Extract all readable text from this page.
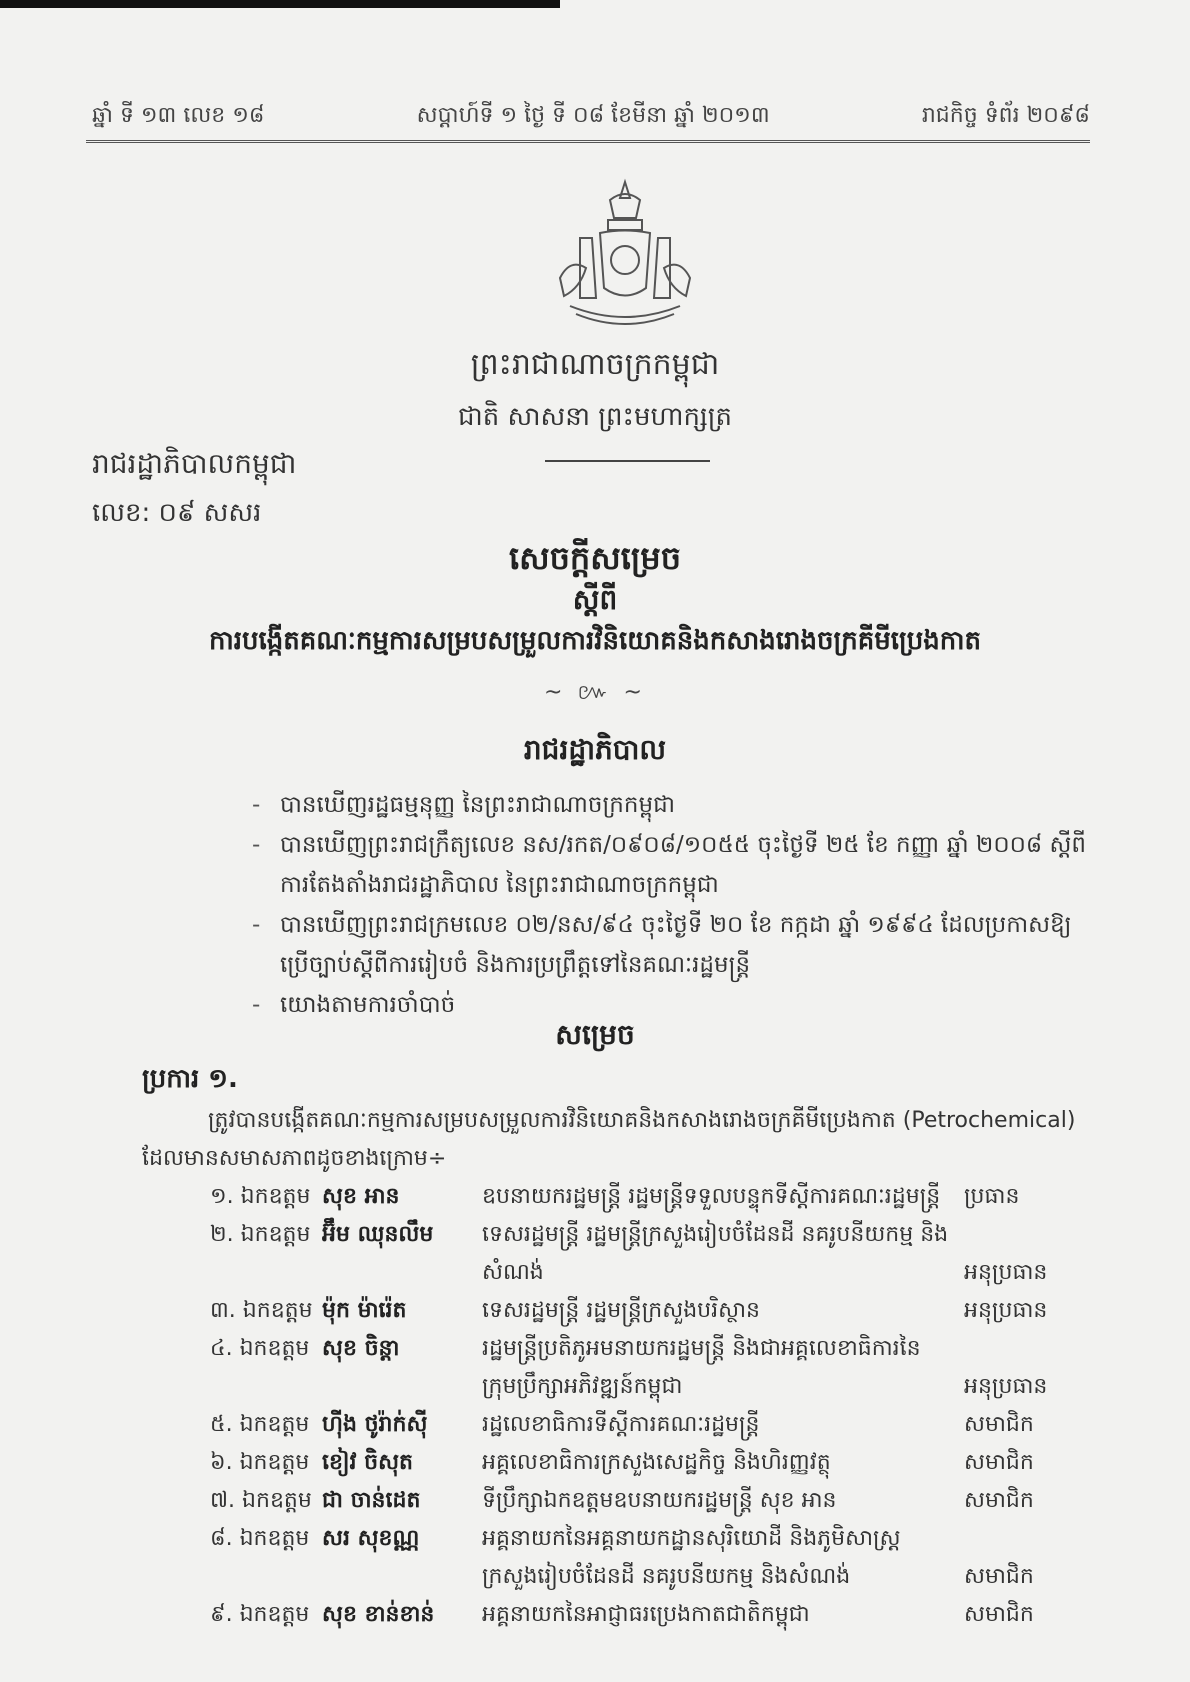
ឆ្នាំ ទី ១៣ លេខ ១៨	សប្តាហ៍ទី ១ ថ្ងៃ ទី ០៨ ខែមីនា ឆ្នាំ ២០១៣	រាជកិច្ច ទំព័រ ២០៩៨
ព្រះរាជាណាចក្រកម្ពុជា
ជាតិ សាសនា ព្រះមហាក្សត្រ
រាជរដ្ឋាភិបាលកម្ពុជា
លេខ: ០៩ សសរ
សេចក្តីសម្រេច
ស្តីពី
ការបង្កើតគណៈកម្មការសម្របសម្រួលការវិនិយោគនិងកសាងរោងចក្រគីមីប្រេងកាត
~ ៚ ~
រាជរដ្ឋាភិបាល
- បានឃើញរដ្ឋធម្មនុញ្ញ នៃព្រះរាជាណាចក្រកម្ពុជា
- បានឃើញព្រះរាជក្រឹត្យលេខ នស/រកត/០៩០៨/១០៥៥ ចុះថ្ងៃទី ២៥ ខែ កញ្ញា ឆ្នាំ ២០០៨ ស្តីពីការតែងតាំងរាជរដ្ឋាភិបាល នៃព្រះរាជាណាចក្រកម្ពុជា
- បានឃើញព្រះរាជក្រមលេខ ០២/នស/៩៤ ចុះថ្ងៃទី ២០ ខែ កក្កដា ឆ្នាំ ១៩៩៤ ដែលប្រកាសឱ្យប្រើច្បាប់ស្តីពីការរៀបចំ និងការប្រព្រឹត្តទៅនៃគណៈរដ្ឋមន្ត្រី
- យោងតាមការចាំបាច់
សម្រេច
ប្រការ ១.
ត្រូវបានបង្កើតគណៈកម្មការសម្របសម្រួលការវិនិយោគនិងកសាងរោងចក្រគីមីប្រេងកាត (Petrochemical) ដែលមានសមាសភាពដូចខាងក្រោម÷
១. ឯកឧត្តម សុខ អាន	ឧបនាយករដ្ឋមន្ត្រី រដ្ឋមន្ត្រីទទួលបន្ទុកទីស្តីការគណៈរដ្ឋមន្ត្រី	ប្រធាន
២. ឯកឧត្តម អ៊ឹម ឈុនលឹម	ទេសរដ្ឋមន្ត្រី រដ្ឋមន្ត្រីក្រសួងរៀបចំដែនដី នគរូបនីយកម្ម និងសំណង់	អនុប្រធាន
៣. ឯកឧត្តម ម៉ុក ម៉ារ៉េត	ទេសរដ្ឋមន្ត្រី រដ្ឋមន្ត្រីក្រសួងបរិស្ថាន	អនុប្រធាន
៤. ឯកឧត្តម សុខ ចិន្តា	រដ្ឋមន្ត្រីប្រតិភូអមនាយករដ្ឋមន្ត្រី និងជាអគ្គលេខាធិការនៃក្រុមប្រឹក្សាអភិវឌ្ឍន៍កម្ពុជា	អនុប្រធាន
៥. ឯកឧត្តម ហ៊ីង ថូរ៉ាក់ស៊ី	រដ្ឋលេខាធិការទីស្តីការគណៈរដ្ឋមន្ត្រី	សមាជិក
៦. ឯកឧត្តម ខៀវ ចិសុត	អគ្គលេខាធិការក្រសួងសេដ្ឋកិច្ច និងហិរញ្ញវត្ថុ	សមាជិក
៧. ឯកឧត្តម ជា ចាន់ដេត	ទីប្រឹក្សាឯកឧត្តមឧបនាយករដ្ឋមន្ត្រី សុខ អាន	សមាជិក
៨. ឯកឧត្តម សរ សុខណ្ណ	អគ្គនាយកនៃអគ្គនាយកដ្ឋានសុរិយោដី និងភូមិសាស្ត្រ ក្រសួងរៀបចំដែនដី នគរូបនីយកម្ម និងសំណង់	សមាជិក
៩. ឯកឧត្តម សុខ ខាន់ខាន់	អគ្គនាយកនៃអាជ្ញាធរប្រេងកាតជាតិកម្ពុជា	សមាជិក
